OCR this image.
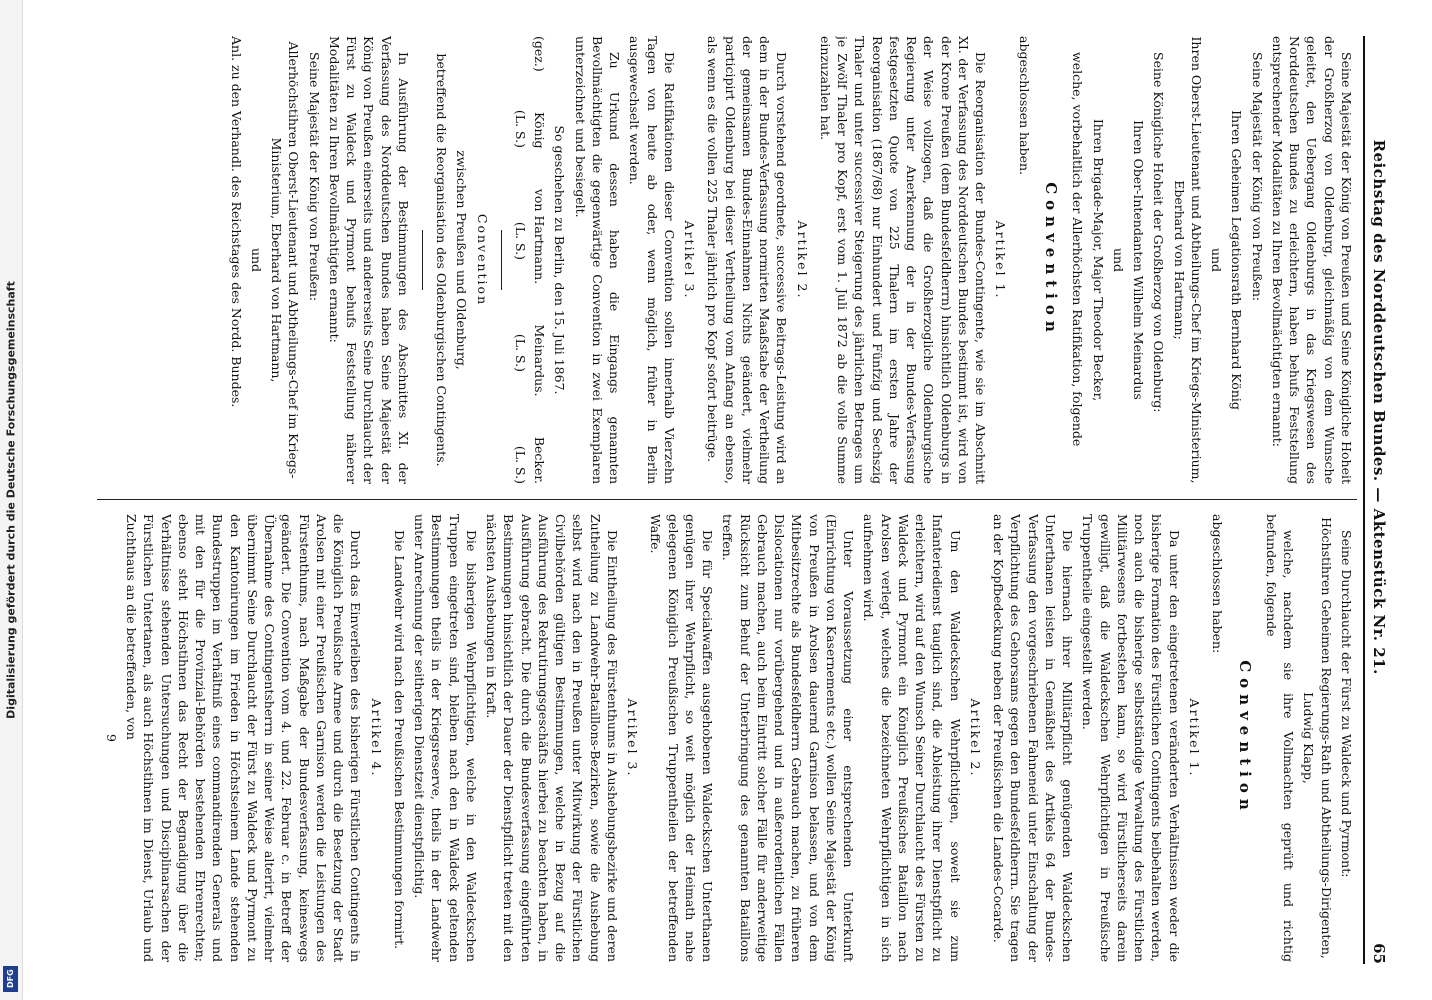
Digitalisierung gefördert durch die Deutsche Forschungsgemeinschaft
DFG
Reichstag des Norddeutschen Bundes. — Aktenstück Nr. 21.
65

Seine Majestät der König von Preußen und Seine Königliche Hoheit der Großherzog von Oldenburg, gleichmäßig von dem Wunsche geleitet, den Uebergang Oldenburgs in das Kriegswesen des Norddeutschen Bundes zu erleichtern, haben behufs Feststellung entsprechender Modalitäten zu Ihren Bevollmächtigten ernannt:

Seine Majestät der König von Preußen:

Ihren Geheimen Legationsrath Bernhard König

und

Ihren Oberst-Lieutenant und Abtheilungs-Chef im Kriegs-Ministerium, Eberhard von Hartmann;

Seine Königliche Hoheit der Großherzog von Oldenburg:

Ihren Ober-Intendanten Wilhelm Meinardus

und

Ihren Brigade-Major, Major Theodor Becker,

welche, vorbehaltlich der Allerhöchsten Ratifikation, folgende

Convention

abgeschlossen haben.

Artikel 1.

Die Reorganisation der Bundes-Contingente, wie sie im Abschnitt XI. der Verfassung des Norddeutschen Bundes bestimmt ist, wird von der Krone Preußen (dem Bundesfeldherrn) hinsichtlich Oldenburgs in der Weise vollzogen, daß die Großherzogliche Oldenburgische Regierung unter Anerkennung der in der Bundes-Verfassung festgesetzten Quote von 225 Thalern im ersten Jahre der Reorganisation (1867/68) nur Einhundert und Fünfzig und Sechszig Thaler und unter successiver Steigerung des jährlichen Betrages um je Zwölf Thaler pro Kopf, erst vom 1. Juli 1872 ab die volle Summe einzuzahlen hat.

Artikel 2.

Durch vorstehend geordnete, successive Beitrags-Leistung wird an dem in der Bundes-Verfassung normirten Maaßstabe der Vertheilung der gemeinsamen Bundes-Einnahmen Nichts geändert, vielmehr participirt Oldenburg bei dieser Vertheilung vom Anfang an ebenso, als wenn es die vollen 225 Thaler jährlich pro Kopf sofort beitrüge.

Artikel 3.

Die Ratifikationen dieser Convention sollen innerhalb Vierzehn Tagen von heute ab oder, wenn möglich, früher in Berlin ausgewechselt werden.

Zu Urkund dessen haben die Eingangs genannten Bevollmächtigten die gegenwärtige Convention in zwei Exemplaren unterzeichnet und besiegelt.

So geschehen zu Berlin, den 15. Juli 1867.

(gez.)
König
von Hartmann.
Meinardus.
Becker.
(L. S.)
(L. S.)
(L. S.)
(L. S.)

Convention

zwischen Preußen und Oldenburg,

betreffend die Reorganisation des Oldenburgischen Contingents.

In Ausführung der Bestimmungen des Abschnittes XI. der Verfassung des Norddeutschen Bundes haben Seine Majestät der König von Preußen einerseits und andererseits Seine Durchlaucht der Fürst zu Waldeck und Pyrmont behufs Feststellung näherer Modalitäten zu Ihren Bevollmächtigten ernannt:

Seine Majestät der König von Preußen:

Allerhöchstihren Oberst-Lieutenant und Abtheilungs-Chef im Kriegs-Ministerium, Eberhard von Hartmann,

und

Anl. zu den Verhandl. des Reichstages des Nordd. Bundes.

Seine Durchlaucht der Fürst zu Waldeck und Pyrmont:

Höchstihren Geheimen Regierungs-Rath und Abtheilungs-Dirigenten, Ludwig Klapp,

welche, nachdem sie ihre Vollmachten geprüft und richtig befunden, folgende

Convention

abgeschlossen haben:

Artikel 1.

Da unter den eingetretenen veränderten Verhältnissen weder die bisherige Formation des Fürstlichen Contingents beibehalten werden, noch auch die bisherige selbstständige Verwaltung des Fürstlichen Militärwesens fortbestehen kann, so wird Fürstlicherseits darein gewilligt, daß die Waldeckschen Wehrpflichtigen in Preußische Truppentheile eingestellt werden.

Die hiernach ihrer Militärpflicht genügenden Waldeckschen Unterthanen leisten in Gemäßheit des Artikels 64 der Bundes-Verfassung den vorgeschriebenen Fahneneid unter Einschaltung der Verpflichtung des Gehorsams gegen den Bundesfeldherrn. Sie tragen an der Kopfbedeckung neben der Preußischen die Landes-Cocarde.

Artikel 2.

Um den Waldeckschen Wehrpflichtigen, soweit sie zum Infanteriedienst tauglich sind, die Ableistung ihrer Dienstpflicht zu erleichtern, wird auf den Wunsch Seiner Durchlaucht des Fürsten zu Waldeck und Pyrmont ein Königlich Preußisches Bataillon nach Arolsen verlegt, welches die bezeichneten Wehrpflichtigen in sich aufnehmen wird.

Unter Voraussetzung einer entsprechenden Unterkunft (Einrichtung von Kasernements etc.) wollen Seine Majestät der König von Preußen in Arolsen dauernd Garnison belassen, und von dem Mitbesitzrechte als Bundesfeldherrn Gebrauch machen, zu früheren Dislocationen nur vorübergehend und in außerordentlichen Fällen Gebrauch machen, auch beim Eintritt solcher Fälle für anderweitige Rücksicht zum Behuf der Unterbringung des genannten Bataillons treffen.

Die für Specialwaffen ausgehobenen Waldeckschen Unterthanen genügen ihrer Wehrpflicht, so weit möglich der Heimath nahe gelegenen Königlich Preußischen Truppentheilen der betreffenden Waffe.

Artikel 3.

Die Eintheilung des Fürstenthums in Aushebungsbezirke und deren Zutheilung zu Landwehr-Bataillons-Bezirken, sowie die Aushebung selbst wird nach den in Preußen unter Mitwirkung der Fürstlichen Civilbehörden gültigen Bestimmungen, welche in Bezug auf die Ausführung des Rekrutirungsgeschäfts hierbei zu beachten haben, in Ausführung gebracht. Die durch die Bundesverfassung eingeführten Bestimmungen hinsichtlich der Dauer der Dienstpflicht treten mit den nächsten Aushebungen in Kraft.

Die bisherigen Wehrpflichtigen, welche in den Waldeckschen Truppen eingetreten sind, bleiben nach den in Waldeck geltenden Bestimmungen theils in der Kriegsreserve, theils in der Landwehr unter Anrechnung der seitherigen Dienstzeit dienstpflichtig.

Die Landwehr wird nach den Preußischen Bestimmungen formirt.

Artikel 4.

Durch das Einverleiben des bisherigen Fürstlichen Contingents in die Königlich Preußische Armee und durch die Besetzung der Stadt Arolsen mit einer Preußischen Garnison werden die Leistungen des Fürstenthums, nach Maßgabe der Bundesverfassung, keineswegs geändert. Die Convention vom 4. und 22. Februar c. in Betreff der Übernahme des Contingentsherrn in seiner Weise alterirt, vielmehr übernimmt Seine Durchlaucht der Fürst zu Waldeck und Pyrmont zu den Kantonirungen im Frieden in Höchstseinem Lande stehenden Bundestruppen im Verhältniß eines commandirenden Generals und mit den für die Provinzial-Behörden bestehenden Ehrenrechten; ebenso steht Höchstihnen das Recht der Begnadigung über die Verhältnisse stehenden Untersuchungen und Disciplinarsachen der Fürstlichen Untertanen, als auch Höchstihnen im Dienst, Urlaub und Zuchthaus an die betreffenden, von

9
